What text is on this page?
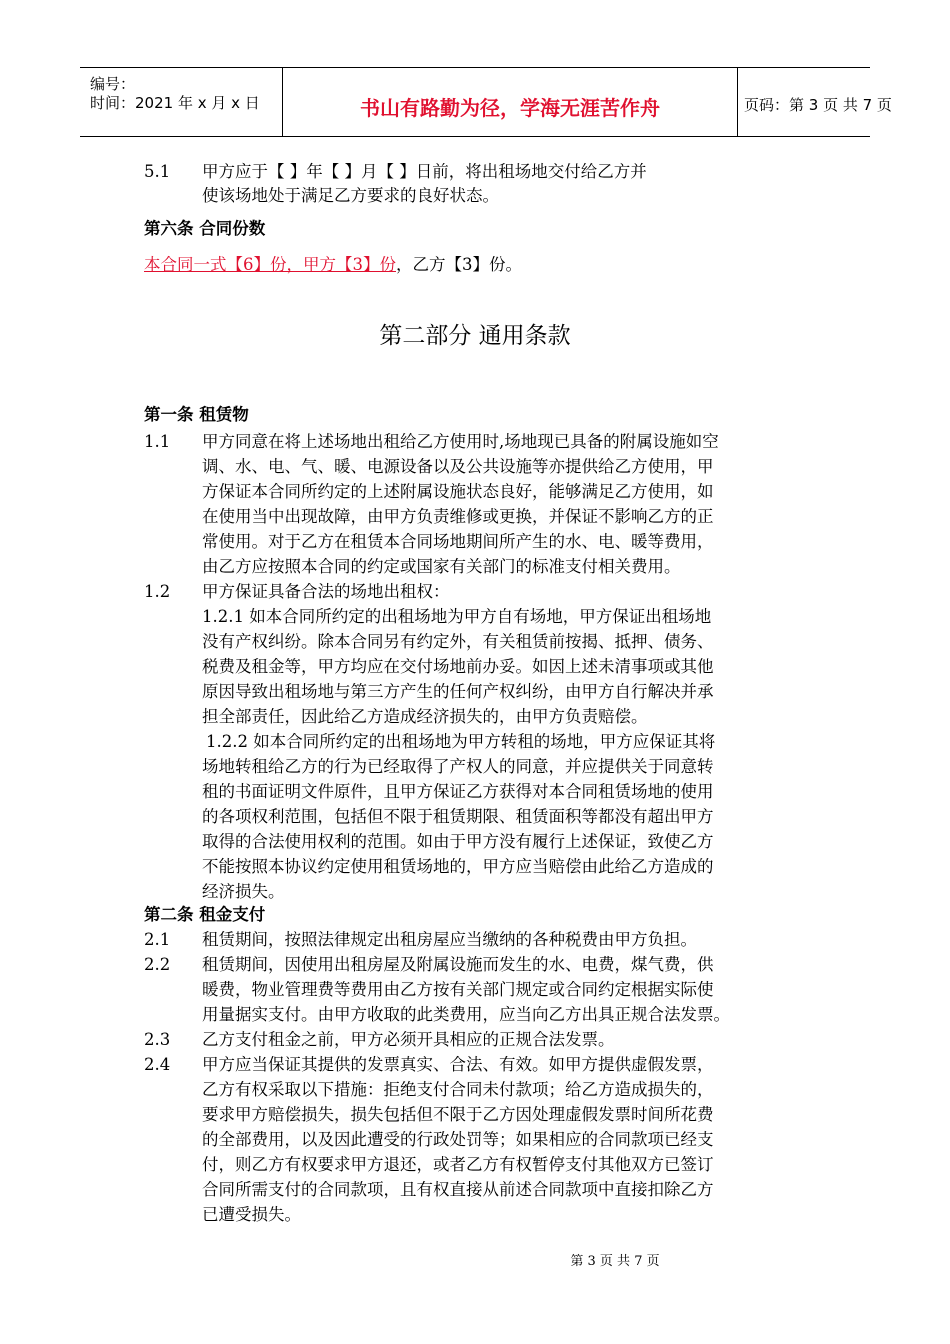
编号：
时间：2021 年 x 月 x 日	书山有路勤为径，学海无涯苦作舟	页码：第 3 页 共 7 页
5.1 甲方应于【 】年【 】月【 】日前，将出租场地交付给乙方并
使该场地处于满足乙方要求的良好状态。
第六条 合同份数
本合同一式【6】份，甲方【3】份，乙方【3】份。
第二部分 通用条款
第一条 租赁物
1.1 甲方同意在将上述场地出租给乙方使用时,场地现已具备的附属设施如空
调、水、电、气、暖、电源设备以及公共设施等亦提供给乙方使用，甲
方保证本合同所约定的上述附属设施状态良好，能够满足乙方使用，如
在使用当中出现故障，由甲方负责维修或更换，并保证不影响乙方的正
常使用。对于乙方在租赁本合同场地期间所产生的水、电、暖等费用，
由乙方应按照本合同的约定或国家有关部门的标准支付相关费用。
1.2 甲方保证具备合法的场地出租权：
1.2.1 如本合同所约定的出租场地为甲方自有场地，甲方保证出租场地
没有产权纠纷。除本合同另有约定外，有关租赁前按揭、抵押、债务、
税费及租金等，甲方均应在交付场地前办妥。如因上述未清事项或其他
原因导致出租场地与第三方产生的任何产权纠纷，由甲方自行解决并承
担全部责任，因此给乙方造成经济损失的，由甲方负责赔偿。
1.2.2 如本合同所约定的出租场地为甲方转租的场地，甲方应保证其将
场地转租给乙方的行为已经取得了产权人的同意，并应提供关于同意转
租的书面证明文件原件，且甲方保证乙方获得对本合同租赁场地的使用
的各项权利范围，包括但不限于租赁期限、租赁面积等都没有超出甲方
取得的合法使用权利的范围。如由于甲方没有履行上述保证，致使乙方
不能按照本协议约定使用租赁场地的，甲方应当赔偿由此给乙方造成的
经济损失。
第二条 租金支付
2.1 租赁期间，按照法律规定出租房屋应当缴纳的各种税费由甲方负担。
2.2 租赁期间，因使用出租房屋及附属设施而发生的水、电费，煤气费，供
暖费，物业管理费等费用由乙方按有关部门规定或合同约定根据实际使
用量据实支付。由甲方收取的此类费用，应当向乙方出具正规合法发票。
2.3 乙方支付租金之前，甲方必须开具相应的正规合法发票。
2.4 甲方应当保证其提供的发票真实、合法、有效。如甲方提供虚假发票，
乙方有权采取以下措施：拒绝支付合同未付款项；给乙方造成损失的，
要求甲方赔偿损失，损失包括但不限于乙方因处理虚假发票时间所花费
的全部费用，以及因此遭受的行政处罚等；如果相应的合同款项已经支
付，则乙方有权要求甲方退还，或者乙方有权暂停支付其他双方已签订
合同所需支付的合同款项，且有权直接从前述合同款项中直接扣除乙方
已遭受损失。
第 3 页 共 7 页
